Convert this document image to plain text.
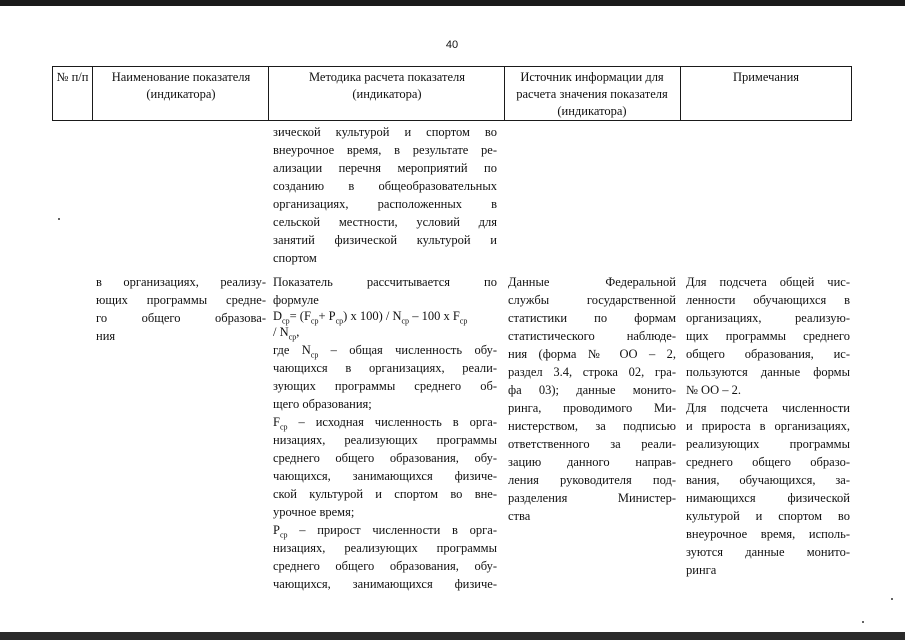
40
№ п/п Наименование показателя (индикатора)
Методика расчета показателя (индикатора)
Источник информации для расчета значения показателя (индикатора)
Примечания
зической культурой и спортом во
внеурочное время, в результате ре-
ализации перечня мероприятий по
созданию в общеобразовательных
организациях, расположенных в
сельской местности, условий для
занятий физической культурой и
спортом
в организациях, реализу-
ющих программы средне-
го общего образова-
ния
Показатель рассчитывается по
формуле
$D_{ср}= (F_{ср}+ P_{ср})$ x $100) / N_{ср} - 100$ x $F_{ср}$
/ $N_{ср}$,
где $N_{ср}$ – общая численность обу-
чающихся в организациях, реали-
зующих программы среднего об-
щего образования;
$F_{ср}$ – исходная численность в орга-
низациях, реализующих программы
среднего общего образования, обу-
чающихся, занимающихся физиче-
ской культурой и спортом во вне-
урочное время;
$P_{ср}$ – прирост численности в орга-
низациях, реализующих программы
среднего общего образования, обу-
чающихся, занимающихся физиче-
Данные Федеральной
службы государственной
статистики по формам
статистического наблюде-
ния (форма № ОО – 2,
раздел 3.4, строка 02, гра-
фа 03); данные монито-
ринга, проводимого Ми-
нистерством, за подписью
ответственного за реали-
зацию данного направ-
ления руководителя под-
разделения Министер-
ства
Для подсчета общей чис-
ленности обучающихся в
организациях, реализую-
щих программы среднего
общего образования, ис-
пользуются данные формы
№ ОО – 2.
Для подсчета численности
и прироста в организациях,
реализующих программы
среднего общего образо-
вания, обучающихся, за-
нимающихся физической
культурой и спортом во
внеурочное время, исполь-
зуются данные монито-
ринга
